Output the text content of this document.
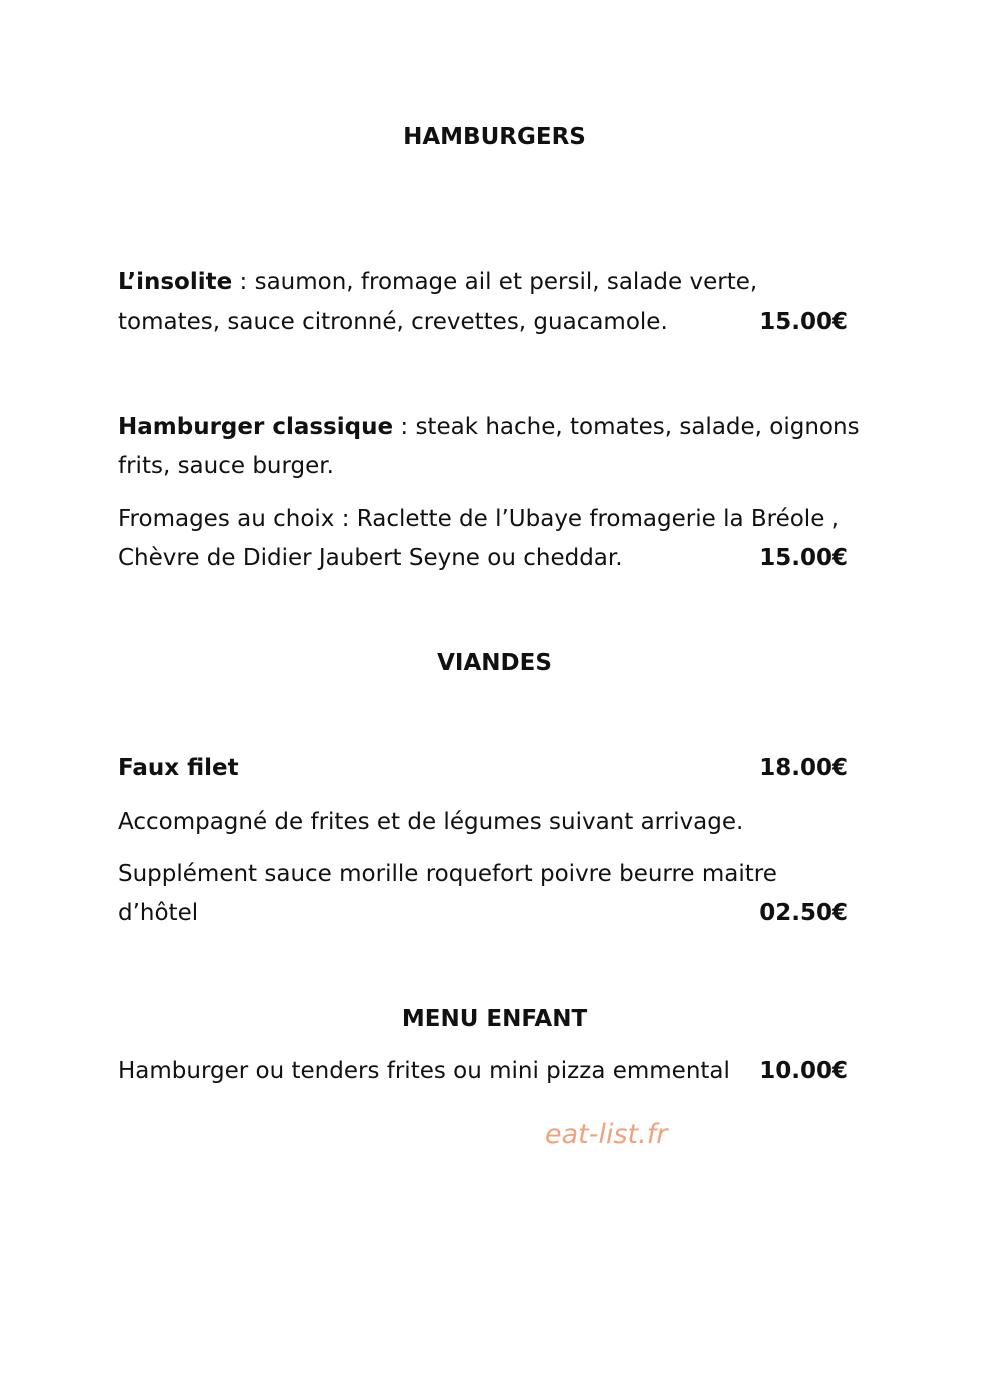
HAMBURGERS
L’insolite : saumon, fromage ail et persil, salade verte,
tomates, sauce citronné, crevettes, guacamole.	15.00€
Hamburger classique : steak hache, tomates, salade, oignons
frits, sauce burger.
Fromages au choix : Raclette de l’Ubaye fromagerie la Bréole ,
Chèvre de Didier Jaubert Seyne ou cheddar.	15.00€
VIANDES
Faux filet	18.00€
Accompagné de frites et de légumes suivant arrivage.
Supplément sauce morille roquefort poivre beurre maitre
d’hôtel	02.50€
MENU ENFANT
Hamburger ou tenders frites ou mini pizza emmental 10.00€
eat-list.fr
